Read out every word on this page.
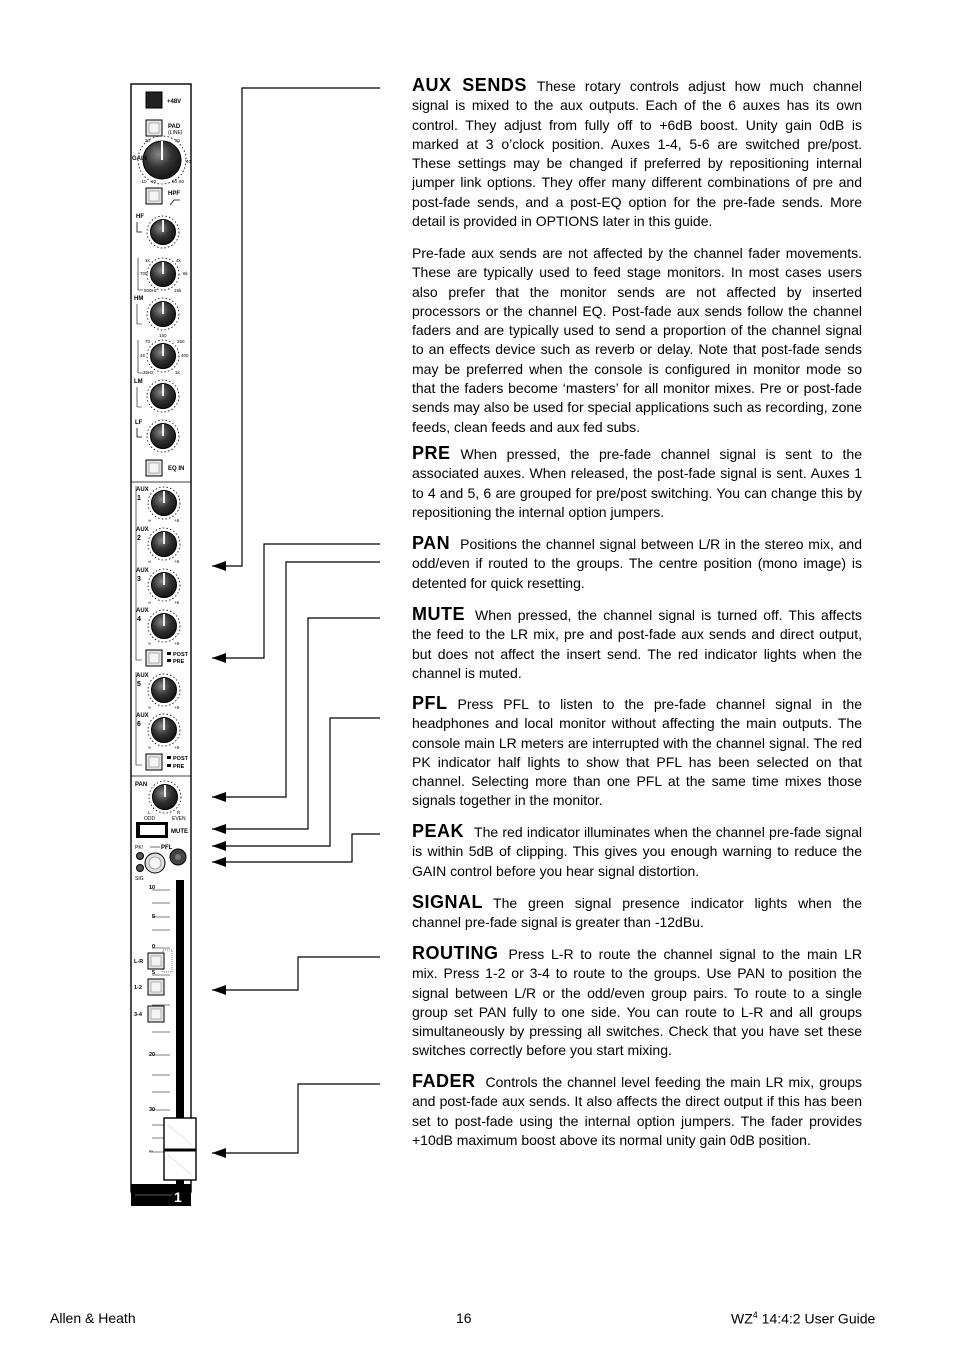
+48V
PAD
(LINE)
GAIN
-10 10	50 60
40
30
20
HPF
HF
1k	4k
700	8k
500Hz	15k
HM
150
70	250
45	400
35Hz	1k
LM
LF
EQ IN
AUX
1
∞	+6
AUX
2
∞	+6
AUX
3
∞	+6
AUX
4
∞	+6
POST
PRE
AUX
5
∞	+6
AUX
6
∞	+6
POST
PRE
PAN
L	R
ODD	EVEN
MUTE
PK!
SIG
PFL
10
5
0
5
20
30
∞
L-R
1-2
3-4
1
AUX SENDS These rotary controls adjust how much channel signal is mixed to the aux outputs. Each of the 6 auxes has its own control. They adjust from fully off to +6dB boost. Unity gain 0dB is marked at 3 o’clock position. Auxes 1-4, 5-6 are switched pre/post. These settings may be changed if preferred by repositioning internal jumper link options. They offer many different combinations of pre and post-fade sends, and a post-EQ option for the pre-fade sends. More detail is provided in OPTIONS later in this guide.
Pre-fade aux sends are not affected by the channel fader movements. These are typically used to feed stage monitors. In most cases users also prefer that the monitor sends are not affected by inserted processors or the channel EQ. Post-fade aux sends follow the channel faders and are typically used to send a proportion of the channel signal to an effects device such as reverb or delay. Note that post-fade sends may be preferred when the console is configured in monitor mode so that the faders become ‘masters’ for all monitor mixes. Pre or post-fade sends may also be used for special applications such as recording, zone feeds, clean feeds and aux fed subs.
PRE When pressed, the pre-fade channel signal is sent to the associated auxes. When released, the post-fade signal is sent. Auxes 1 to 4 and 5, 6 are grouped for pre/post switching. You can change this by repositioning the internal option jumpers.
PAN Positions the channel signal between L/R in the stereo mix, and odd/even if routed to the groups. The centre position (mono image) is detented for quick resetting.
MUTE When pressed, the channel signal is turned off. This affects the feed to the LR mix, pre and post-fade aux sends and direct output, but does not affect the insert send. The red indicator lights when the channel is muted.
PFL Press PFL to listen to the pre-fade channel signal in the headphones and local monitor without affecting the main outputs. The console main LR meters are interrupted with the channel signal. The red PK indicator half lights to show that PFL has been selected on that channel. Selecting more than one PFL at the same time mixes those signals together in the monitor.
PEAK The red indicator illuminates when the channel pre-fade signal is within 5dB of clipping. This gives you enough warning to reduce the GAIN control before you hear signal distortion.
SIGNAL The green signal presence indicator lights when the channel pre-fade signal is greater than -12dBu.
ROUTING Press L-R to route the channel signal to the main LR mix. Press 1-2 or 3-4 to route to the groups. Use PAN to position the signal between L/R or the odd/even group pairs. To route to a single group set PAN fully to one side. You can route to L-R and all groups simultaneously by pressing all switches. Check that you have set these switches correctly before you start mixing.
FADER Controls the channel level feeding the main LR mix, groups and post-fade aux sends. It also affects the direct output if this has been set to post-fade using the internal option jumpers. The fader provides +10dB maximum boost above its normal unity gain 0dB position.
Allen & Heath	16	$WZ^4$ 14:4:2 User Guide
